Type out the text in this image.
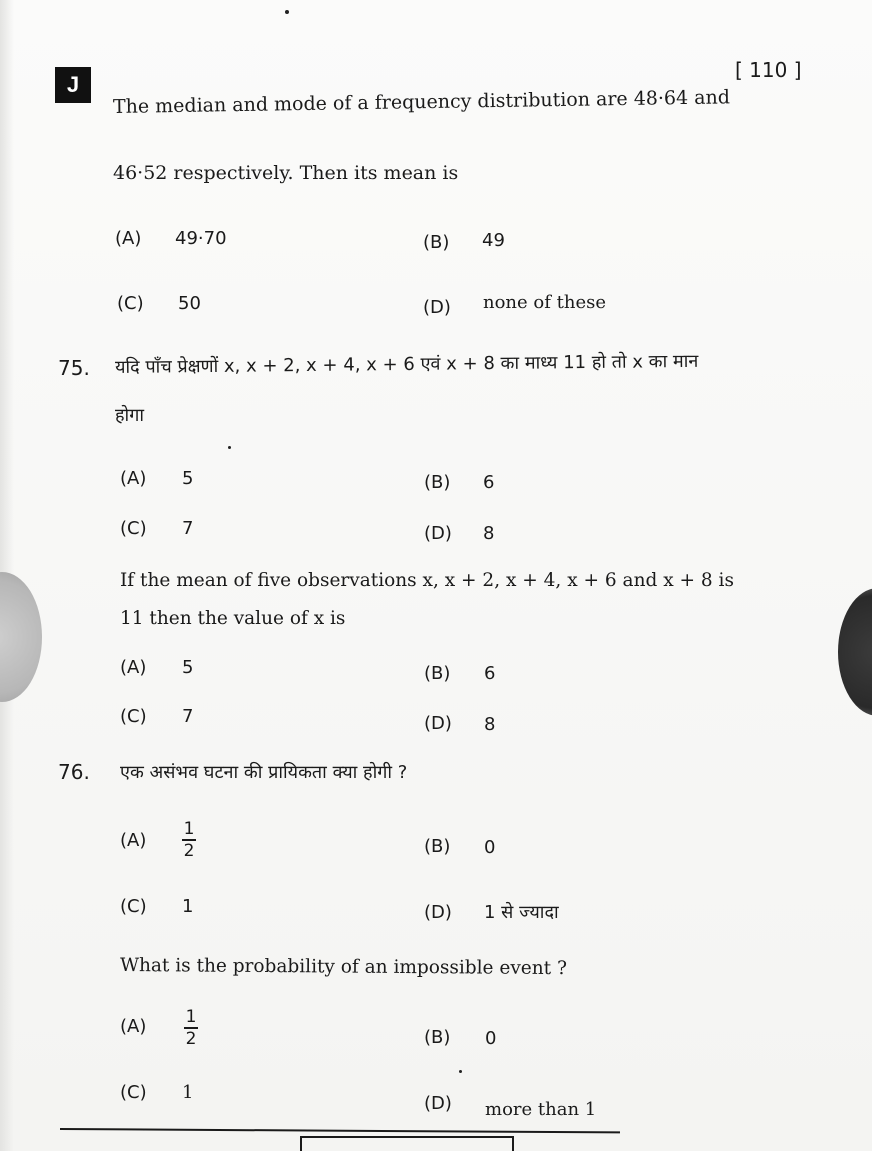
J
[ 110 ]
The median and mode of a frequency distribution are 48·64 and
46·52 respectively. Then its mean is
(A) 49·70	(B) 49
(C) 50	(D) none of these
75. यदि पाँच प्रेक्षणों x, x + 2, x + 4, x + 6 एवं x + 8 का माध्य 11 हो तो x का मान
होगा
(A) 5	(B) 6
(C) 7	(D) 8
If the mean of five observations x, x + 2, x + 4, x + 6 and x + 8 is
11 then the value of x is
(A) 5	(B) 6
(C) 7	(D) 8
76. एक असंभव घटना की प्रायिकता क्या होगी ?
(A)
1
2	(B) 0
(C) 1	(D) 1 से ज्यादा
What is the probability of an impossible event ?
(A) 1
2	(B) 0
(C) 1
(D) more than 1
